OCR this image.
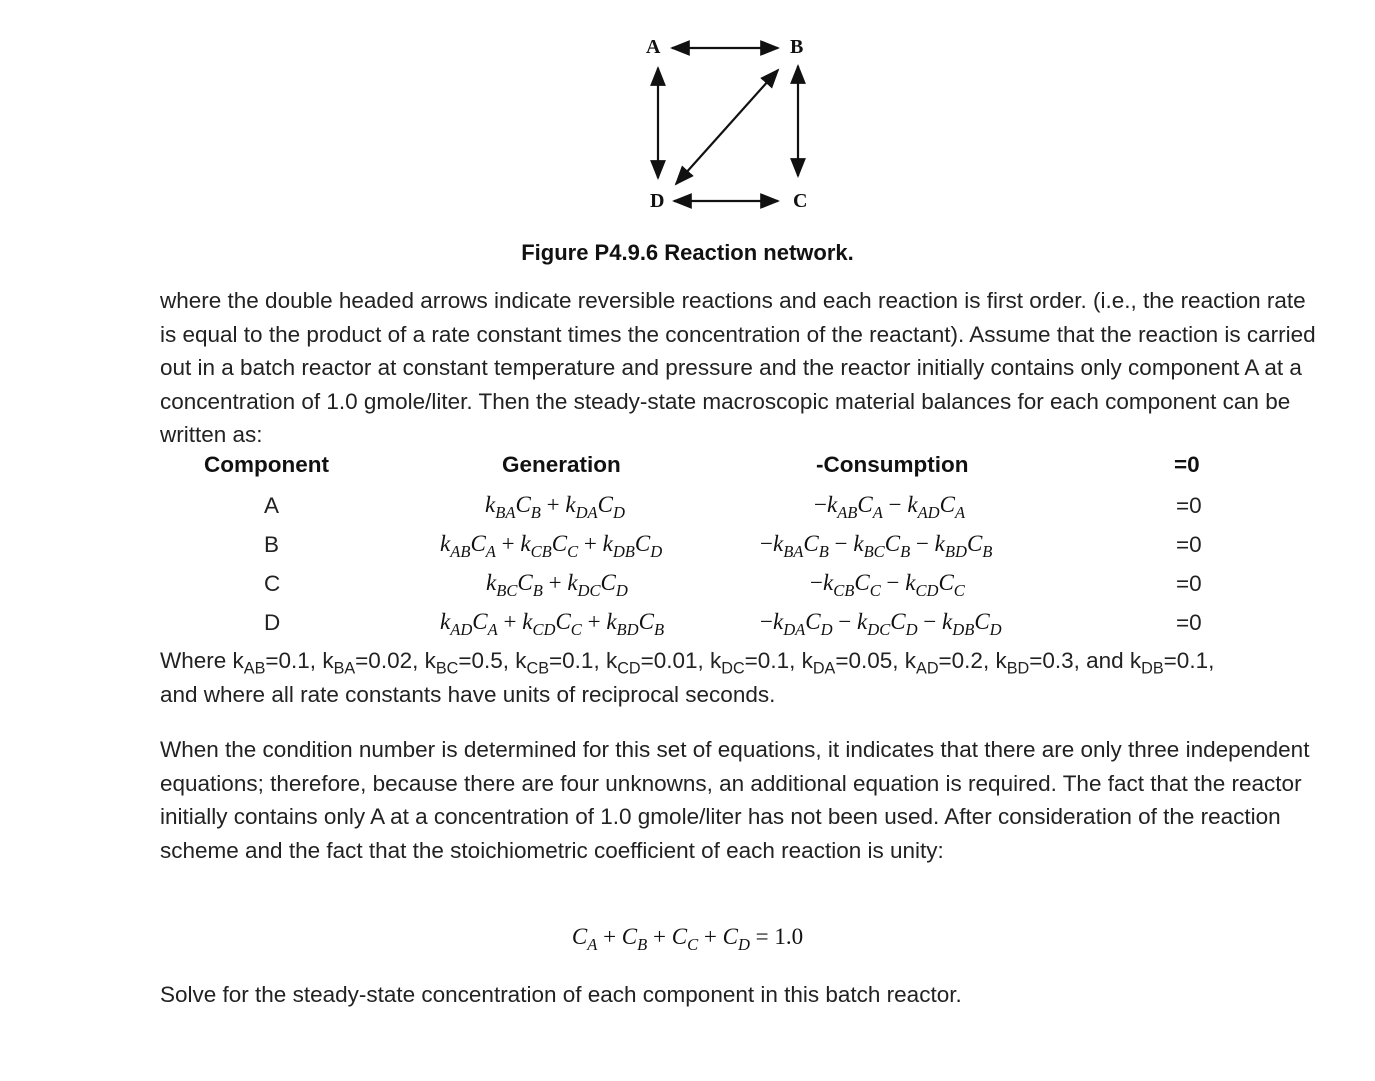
A	B
C
D
Figure P4.9.6 Reaction network.

where the double headed arrows indicate reversible reactions and each reaction is first order. (i.e., the reaction rate is equal to the product of a rate constant times the concentration of the reactant). Assume that the reaction is carried out in a batch reactor at constant temperature and pressure and the reactor initially contains only component A at a concentration of 1.0 gmole/liter. Then the steady-state macroscopic material balances for each component can be written as:

Component	Generation	-Consumption	=0
A	$k_{BA}C_B + k_{DA}C_D$	$-k_{AB}C_A - k_{AD}C_A$	=0
B	$k_{AB}C_A + k_{CB}C_C + k_{DB}C_D$	$-k_{BA}C_B - k_{BC}C_B - k_{BD}C_B$	=0
C	$k_{BC}C_B + k_{DC}C_D$	$-k_{CB}C_C - k_{CD}C_C$	=0
D	$k_{AD}C_A + k_{CD}C_C + k_{BD}C_B$	$-k_{DA}C_D - k_{DC}C_D - k_{DB}C_D$	=0

Where $k_{AB}=0.1$, $k_{BA}=0.02$, $k_{BC}=0.5$, $k_{CB}=0.1$, $k_{CD}=0.01$, $k_{DC}=0.1$, $k_{DA}=0.05$, $k_{AD}=0.2$, $k_{BD}=0.3$, and $k_{DB}=0.1$,

and where all rate constants have units of reciprocal seconds.

When the condition number is determined for this set of equations, it indicates that there are only three independent equations; therefore, because there are four unknowns, an additional equation is required. The fact that the reactor initially contains only A at a concentration of 1.0 gmole/liter has not been used. After consideration of the reaction scheme and the fact that the stoichiometric coefficient of each reaction is unity:

$C_A + C_B + C_C + C_D = 1.0$

Solve for the steady-state concentration of each component in this batch reactor.
